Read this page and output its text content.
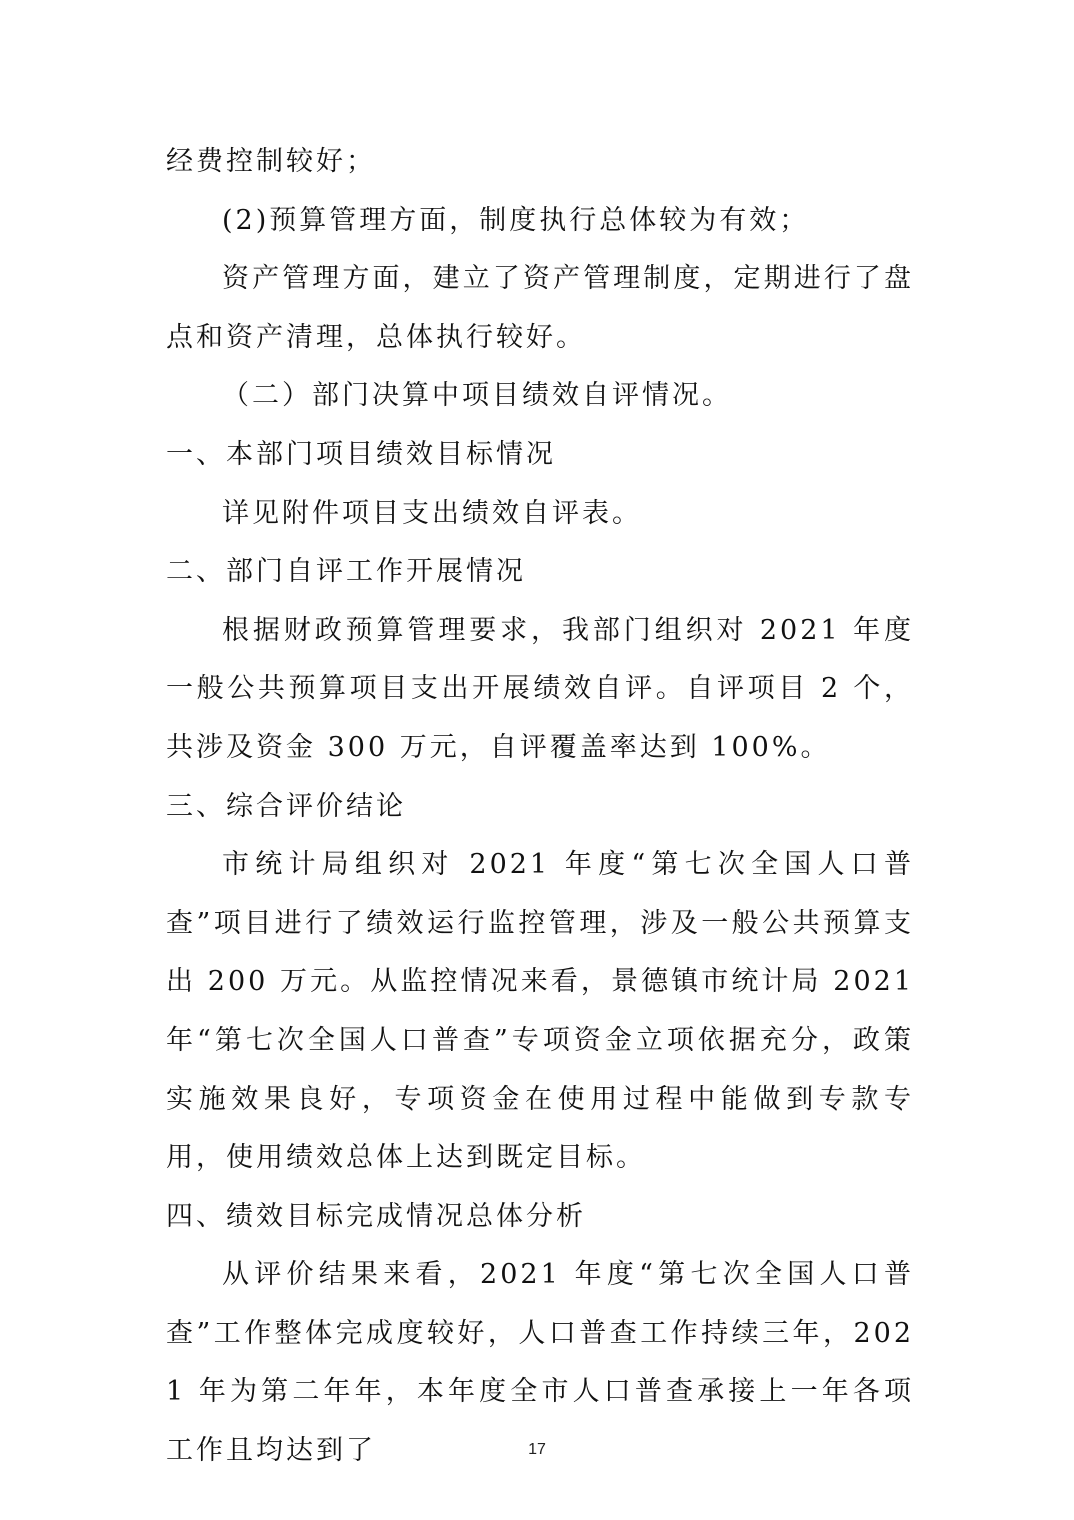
经费控制较好；

(2)预算管理方面，制度执行总体较为有效；

资产管理方面，建立了资产管理制度，定期进行了盘点和资产清理，总体执行较好。

（二）部门决算中项目绩效自评情况。

一、本部门项目绩效目标情况

详见附件项目支出绩效自评表。

二、部门自评工作开展情况

根据财政预算管理要求，我部门组织对 2021 年度一般公共预算项目支出开展绩效自评。自评项目 2 个，共涉及资金 300 万元，自评覆盖率达到 100%。

三、综合评价结论

市统计局组织对 2021 年度“第七次全国人口普查”项目进行了绩效运行监控管理，涉及一般公共预算支出 200 万元。从监控情况来看，景德镇市统计局 2021 年“第七次全国人口普查”专项资金立项依据充分，政策实施效果良好，专项资金在使用过程中能做到专款专用，使用绩效总体上达到既定目标。

四、绩效目标完成情况总体分析

从评价结果来看，2021 年度“第七次全国人口普查”工作整体完成度较好，人口普查工作持续三年，2021 年为第二年年，本年度全市人口普查承接上一年各项工作且均达到了	17
